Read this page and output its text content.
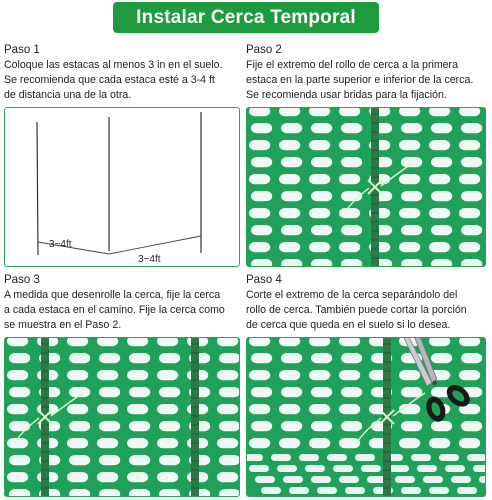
Instalar Cerca Temporal
Paso 1
Coloque las estacas al menos 3 in en el suelo.
Se recomienda que cada estaca esté a 3-4 ft
de distancia una de la otra.
Paso 2
Fije el extremo del rollo de cerca a la primera
estaca en la parte superior e inferior de la cerca.
Se recomienda usar bridas para la fijación.
Paso 3
A medida que desenrolle la cerca, fije la cerca
a cada estaca en el camino. Fije la cerca como
se muestra en el Paso 2.
Paso 4
Corte el extremo de la cerca separándolo del
rollo de cerca. También puede cortar la porción
de cerca que queda en el suelo si lo desea.
3~4ft
3~4ft
